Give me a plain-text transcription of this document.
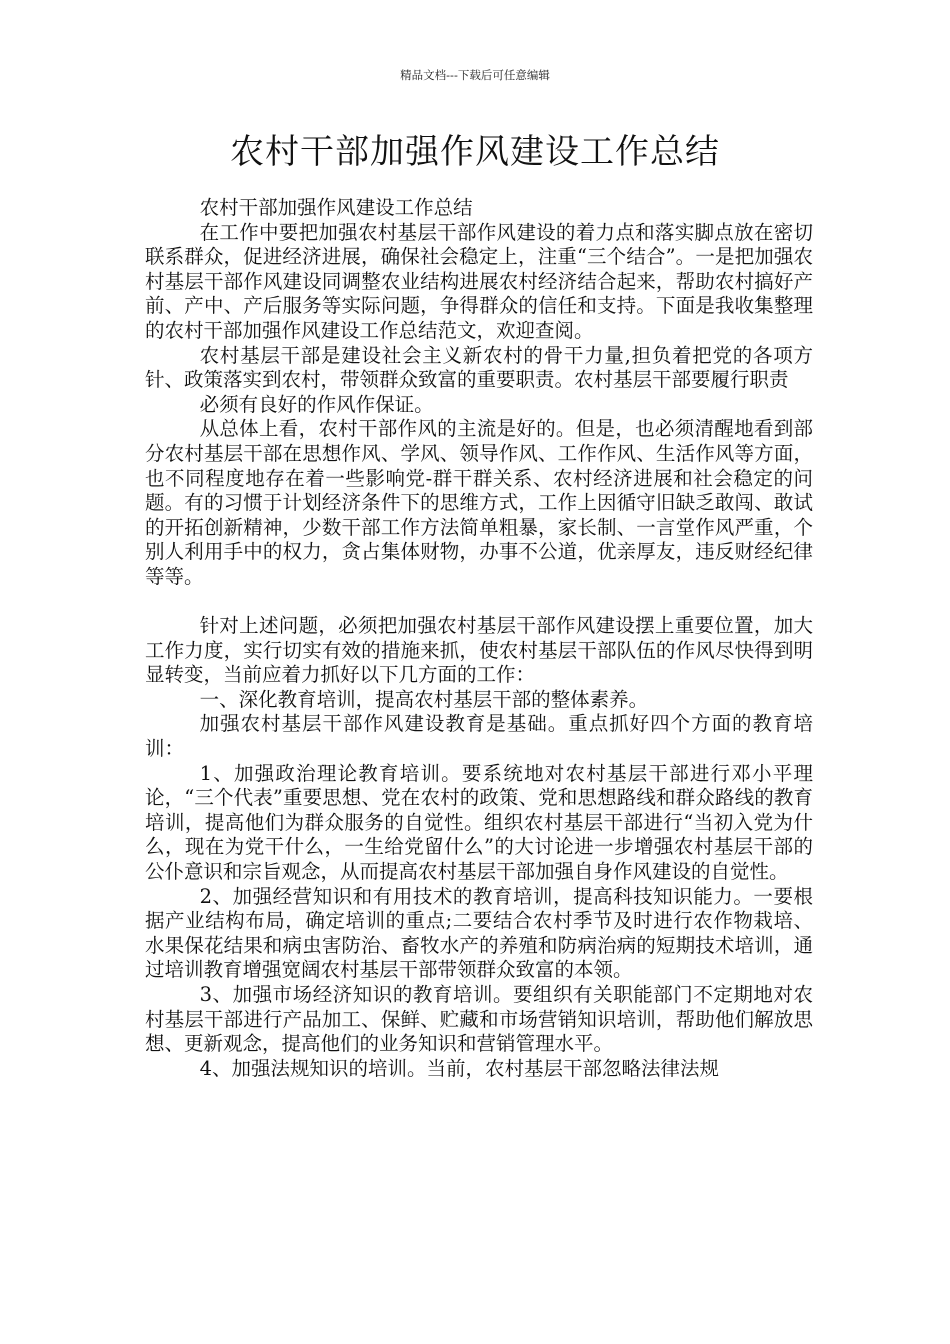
精品文档---下载后可任意编辑
农村干部加强作风建设工作总结

农村干部加强作风建设工作总结

在工作中要把加强农村基层干部作风建设的着力点和落实脚点放在密切联系群众，促进经济进展，确保社会稳定上，注重“三个结合”。一是把加强农村基层干部作风建设同调整农业结构进展农村经济结合起来，帮助农村搞好产前、产中、产后服务等实际问题，争得群众的信任和支持。下面是我收集整理的农村干部加强作风建设工作总结范文，欢迎查阅。

农村基层干部是建设社会主义新农村的骨干力量,担负着把党的各项方针、政策落实到农村，带领群众致富的重要职责。农村基层干部要履行职责

必须有良好的作风作保证。

从总体上看，农村干部作风的主流是好的。但是，也必须清醒地看到部分农村基层干部在思想作风、学风、领导作风、工作作风、生活作风等方面，也不同程度地存在着一些影响党-群干群关系、农村经济进展和社会稳定的问题。有的习惯于计划经济条件下的思维方式，工作上因循守旧缺乏敢闯、敢试的开拓创新精神，少数干部工作方法简单粗暴，家长制、一言堂作风严重，个别人利用手中的权力，贪占集体财物，办事不公道，优亲厚友，违反财经纪律等等。

针对上述问题，必须把加强农村基层干部作风建设摆上重要位置，加大工作力度，实行切实有效的措施来抓，使农村基层干部队伍的作风尽快得到明显转变，当前应着力抓好以下几方面的工作：

一、深化教育培训，提高农村基层干部的整体素养。

加强农村基层干部作风建设教育是基础。重点抓好四个方面的教育培训：

1、加强政治理论教育培训。要系统地对农村基层干部进行邓小平理论，“三个代表”重要思想、党在农村的政策、党和思想路线和群众路线的教育培训，提高他们为群众服务的自觉性。组织农村基层干部进行“当初入党为什么，现在为党干什么，一生给党留什么”的大讨论进一步增强农村基层干部的公仆意识和宗旨观念，从而提高农村基层干部加强自身作风建设的自觉性。

2、加强经营知识和有用技术的教育培训，提高科技知识能力。一要根据产业结构布局，确定培训的重点;二要结合农村季节及时进行农作物栽培、水果保花结果和病虫害防治、畜牧水产的养殖和防病治病的短期技术培训，通过培训教育增强宽阔农村基层干部带领群众致富的本领。

3、加强市场经济知识的教育培训。要组织有关职能部门不定期地对农村基层干部进行产品加工、保鲜、贮藏和市场营销知识培训，帮助他们解放思想、更新观念，提高他们的业务知识和营销管理水平。

4、加强法规知识的培训。当前，农村基层干部忽略法律法规
